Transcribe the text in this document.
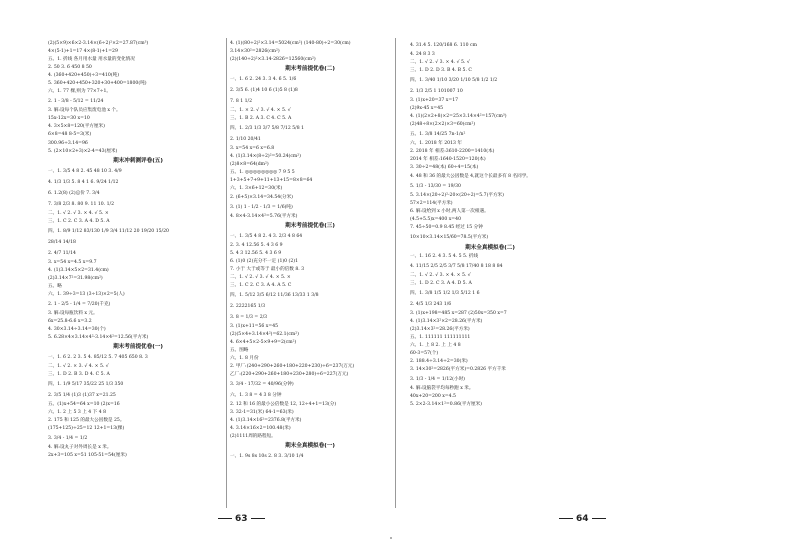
(2)(5×9)×6×2-3.14×(6÷2)²×2=27.87(cm³)
4×(5-1)+1=17 4×(8-1)+1=29
五、1. 折线 各月用水量 用水量的变化情况
2. 50 3. 6 450 8 50
4. (360+420+450)÷3=410(吨)
5. 360+420+450+320+30+400=1800(吨)
六、1. 77 棵,则为 77×7÷1。
2. 1 - 3/8 - 5/12 = 11/24
3. 解:设每个队员应集废电池 x 个。
15x-12x=30 x=10
4. 3×5×8=120(平方厘米)
6×8=48 8-5=3(米)
300.96÷3.14=96
5. (2×10×2+3)×2-4=43(厘米)
期末冲刺测评卷(五)
一、1. 3/5 4 8 2. 45 48 10 3. 4/9
4. 1/3 1/3 5. 8 4 1 6. 9/24 1/12
6. 1.2(8) (2)总价 7. 3/4
7. 3/8 2/3 8. 80 9. 11 10. 1/2
二、1. √ 2. √ 3. × 4. √ 5. ×
三、1. C 2. C 3. A 4. D 5. A
四、1. 8/9 1/12 83/130 1/9 3/4 11/12 20 19/20 15/20
28/14 14/18
2. 4/7 11/14
3. x=54 x=4.5 x=9.7
4. (1)3.14×5×2=31.4(cm)
(2)3.14×7²=31.98(cm²)
五、略
六、1. 39÷3=13 (3÷13)×2=5(人)
2. 1 - 2/5 - 1/4 = 7/20(千克)
3. 解:设每瓶饮料 x 元。
6x=25.8-6.6 x=3.2
4. 30×3.14÷3.14=30(个)
5. 6.28×4×3.14×4²-3.14×4²=12.56(平方米)
期末考前提优卷(一)
一、1. 6 2. 2 3. 5 4. 85/12 5. 7 405 650 8. 3
二、1. √ 2. × 3. √ 4. × 5. √
三、1. D 2. B 3. D 4. C 5. A
四、1. 1/9 5/17 35/22 25 1/3 350
2. 3/5 1/4 (1)3 (1)37 x=21.25
五、(1)x+54=64 x=10 (2)x=16
六、1. 2 上 5 3 上 4 下 4 8
2. 175 和 125 的最大公因数是 25。
(175+125)÷25=12 12+1=13(棵)
3. 3/4 - 1/4 = 1/2
4. 解:设丸子对外周长是 x 米。
2x+3=105 x=51 105-51=54(厘米)
4. (1)(80÷2)²×3.14=5024(cm²) (140-80)÷2=30(cm)
3.14×30²=2826(cm²)
(2)(140÷2)²×3.14-2826=12560(cm²)
期末考前提优卷(二)
一、1. 6 2. 24 3. 3 4. 6 5. 1/6
2. 3/5 6. (1)4 10 6 (1)5 8 (1)8
7. 8 1 1/2
二、1. × 2. √ 3. √ 4. × 5. √
三、1. B 2. A 3. C 4. C 5. A
四、1. 2/3 1/3 3/7 5/8 7/12 5/8 1
2. 1/10 20/41
3. x=54 x=6 x=6.8
4. (1)3.14×(8÷2)²=50.24(cm²)
(2)8×8=64(dm²)
五、1. ◎◎◎◎◎◎◎◎ 7 9 5 5
1+3+5+7+9+11+13+15=8×8=64
六、1. 3×6+12=30(米)
2. (6+5)×3.14=34.54(分米)
3. (1) 1 - 1/2 - 1/3 = 1/6(吨)
4. 8×4-3.14×4²=5.76(平方米)
期末考前提优卷(三)
一、1. 3/5 4 8 2. 4 3. 2/3 4 8 64
2. 3. 4 12.56 5. 4 3 6 9
5. 4 3 12.56 5. 4 3 6 9
6. (1)0 (2)充分不一定 (1)0 (2)1
7. 小于 大于或等于 最小的倍数 8. 3
二、1. √ 2. √ 3. √ 4. × 5. ×
三、1. C 2. C 3. A 4. A 5. C
四、1. 5/12 3/5 6/12 11/36 13/33 1 3/8
2. 2222165 1/3
3. 8 = 1/3 = 2/3
3. (1)x+11=56 x=45
(2)(5×4+3.14×4²)=62.1(cm²)
4. 6×4+5×2-5×9+9=2(cm²)
五、图略
六、1. 8 月份
2. 甲厂:(240+290+260+180+220+230)÷6=237(万元)
乙厂:(220+290+260+180+230+280)÷6=227(万元)
3. 3/4 - 17/32 = 40/96(分钟)
六、1. 3 8 = 4 3 8 分钟
2. 12 和 16 的最小公倍数是 12, 12÷4+1=13(分)
3. 32-1=31(米) 64-1=63(米)
4. (1)3.14×16²=2376.8(平方米)
4. 3.14×16×2=100.48(米)
(2)1111周的路程短。
期末全真模拟卷(一)
一、1. 9s 8s 10s 2. 8 3. 3/10 1/4
4. 31.4 5. 120/168 6. 110 cm
4. 24 8 3 3
二、1. √ 2. √ 3. × 4. √ 5. √
三、1. D 2. D 3. B 4. B 5. C
四、1. 3/40 1/10 3/20 1/10 5/8 1/2 1/2
2. 1/3 2/5 1 101007 10
3. (1)x+20=37 x=17
(2)9x-45 x=45
4. (1)(2×2+8)×2=25×3.14×4²=157(cm³)
(2)48÷8×(2×2)×3=60(cm²)
五、1. 3/8 14/25 7n-1/n²
六、1. 2018 年 2013 年
2. 2018 年 相差:3610-2200=1410(本)
2014 年 相差:1640-1520=120(本)
3. 30÷2=48(本) 60÷4=15(本)
4. 48 和 36 的最大公因数是 4,就这个长最多有 8 名同学。
5. 1/3 - 13/30 = 19/30
5. 3.14×(20÷2)²-20×(20÷2)=5.7(平方米)
57×2=114(平方米)
6. 解:设给到 x 小时,两人第一次相遇。
(4.5+5.5)x=400 x=40
7. 45÷50=0.9 8.45 经过 15 分钟
10×10×3.14×15/60=78.5(平方米)
期末全真模拟卷(二)
一、1. 16 2. 4 3. 5 4. 5 5. 折线
4. 11/15 2/5 2/5 3/7 5/8 17/40 8 18 8 84
二、1. √ 2. √ 3. × 4. × 5. √
三、1. D 2. C 3. A 4. D 5. A
四、1. 3/8 1/5 1/2 1/3 5/12 1 6
2. 4/5 1/3 243 1/6
3. (1)x+198=485 x=287 (2)50x=350 x=7
4. (1)3.14×3²×2=28.26(平方米)
(2)3.14×3²=28.26(平方米)
五、1. 111111 111111111
六、1. 上 8 2. 上 上 4 8
60-3=57(个)
2. 188.4÷3.14÷2=30(米)
3. 14×30²=2826(平方米)=0.2826 平方千米
3. 1/3 - 1/4 = 1/12(小时)
4. 解:设脑袋平均每秒跑 x 米。
40x+20=200 x=4.5
5. 2×2-3.14×1²=0.86(平方厘米)
63	64
